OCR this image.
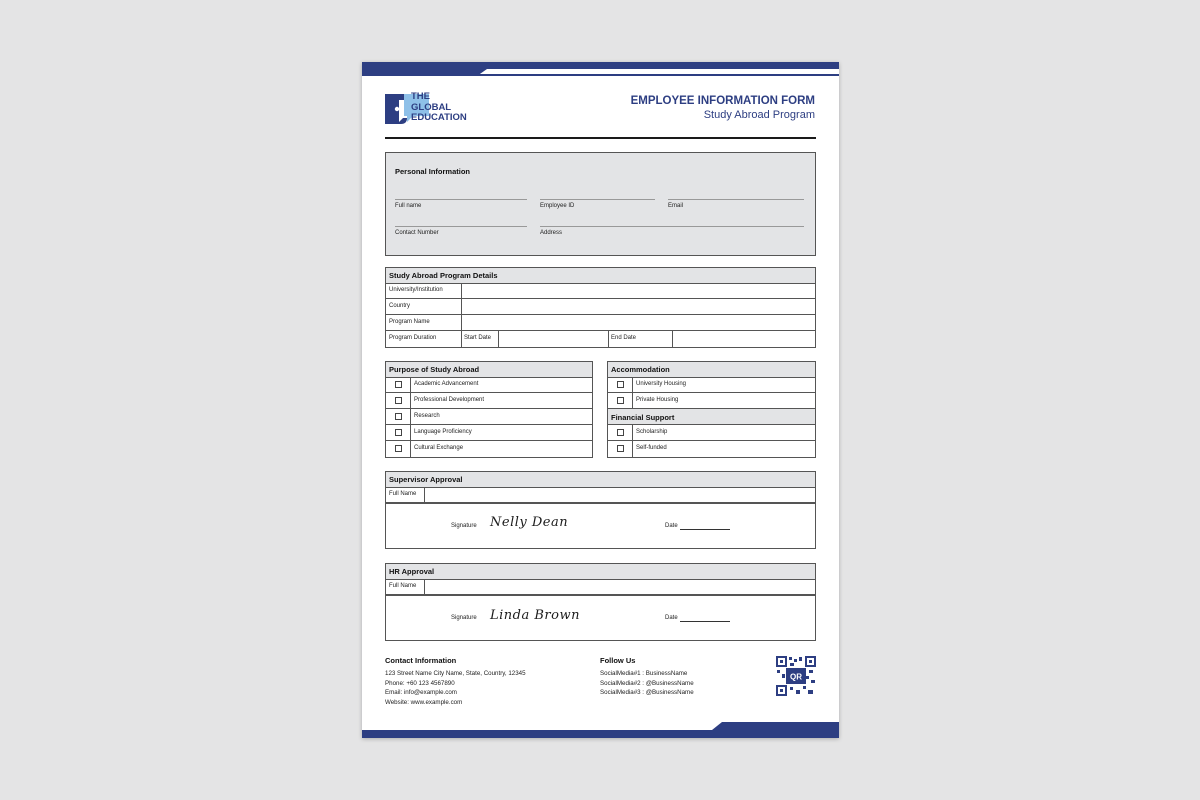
THE
GLOBAL
EDUCATION
EMPLOYEE INFORMATION FORM
Study Abroad Program
Personal Information
Full name	Employee ID	Email
Contact Number	Address
Study Abroad Program Details
University/Institution
Country
Program Name
Program Duration	Start Date	End Date
Purpose of Study Abroad
Academic Advancement
Professional Development
Research
Language Proficiency
Cultural Exchange
Accommodation
University Housing
Private Housing
Financial Support
Scholarship
Self-funded
Supervisor Approval
Full Name
Signature Nelly Dean	Date
HR Approval
Full Name
Signature Linda Brown	Date
Contact Information
123 Street Name City Name, State, Country, 12345
Phone: +60 123 4567890
Email: info@example.com
Website: www.example.com
Follow Us
SocialMedia#1 : BusinessName
SocialMedia#2 : @BusinessName
SocialMedia#3 : @BusinessName
QR
